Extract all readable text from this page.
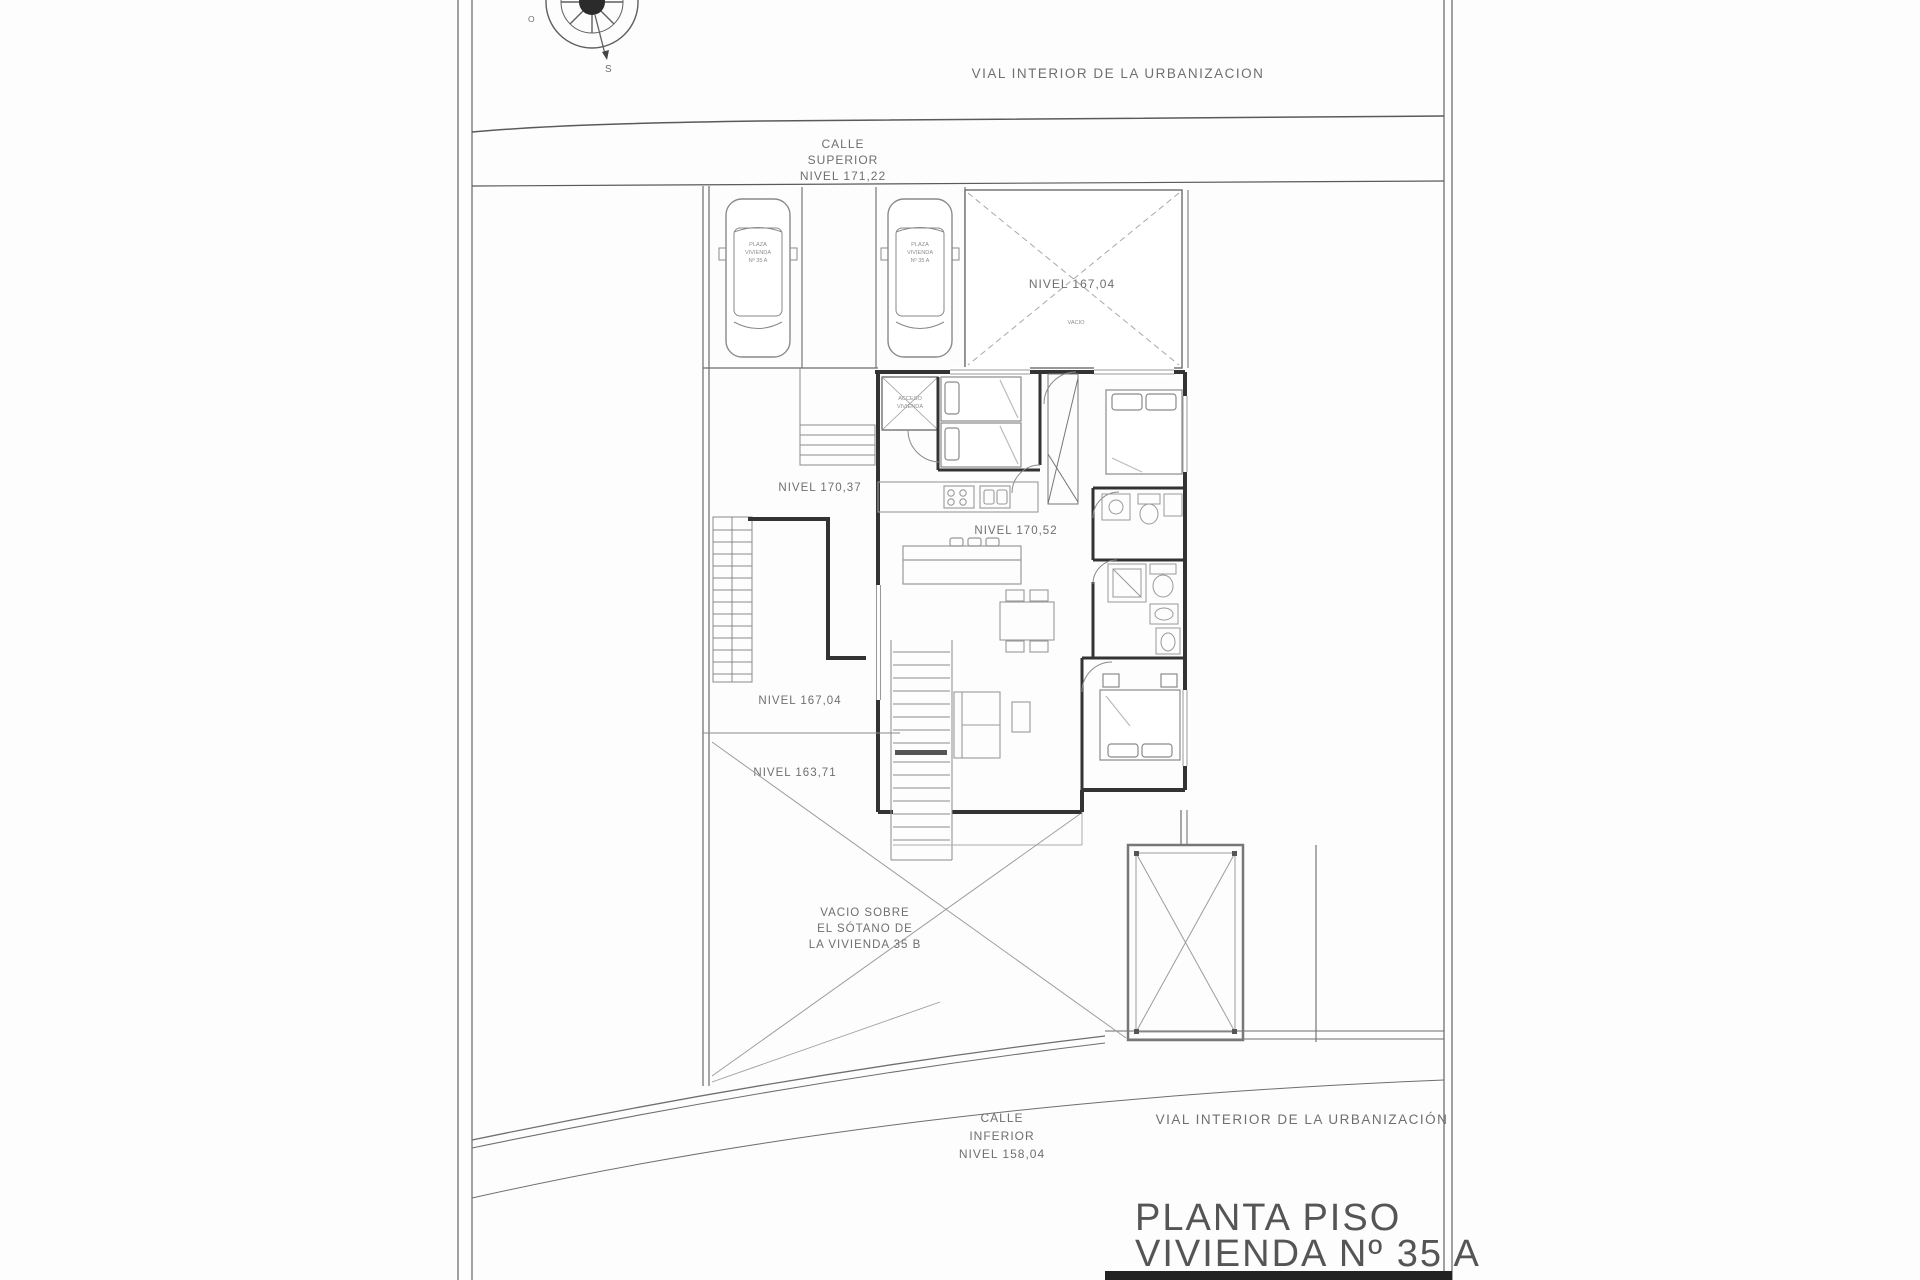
S
O
VIAL INTERIOR DE LA URBANIZACION
CALLE
SUPERIOR
NIVEL 171,22
PLAZA
VIVIENDA
Nº 35 A
PLAZA
VIVIENDA
Nº 35 A
NIVEL 167,04
VACIO
ACCESO
VIVIENDA
NIVEL 170,37
NIVEL 170,52
NIVEL 167,04
NIVEL 163,71
VACIO SOBRE
EL SÓTANO DE
LA VIVIENDA 35 B
CALLE
INFERIOR
NIVEL 158,04
VIAL INTERIOR DE LA URBANIZACIÓN
PLANTA PISO
VIVIENDA Nº 35 A
